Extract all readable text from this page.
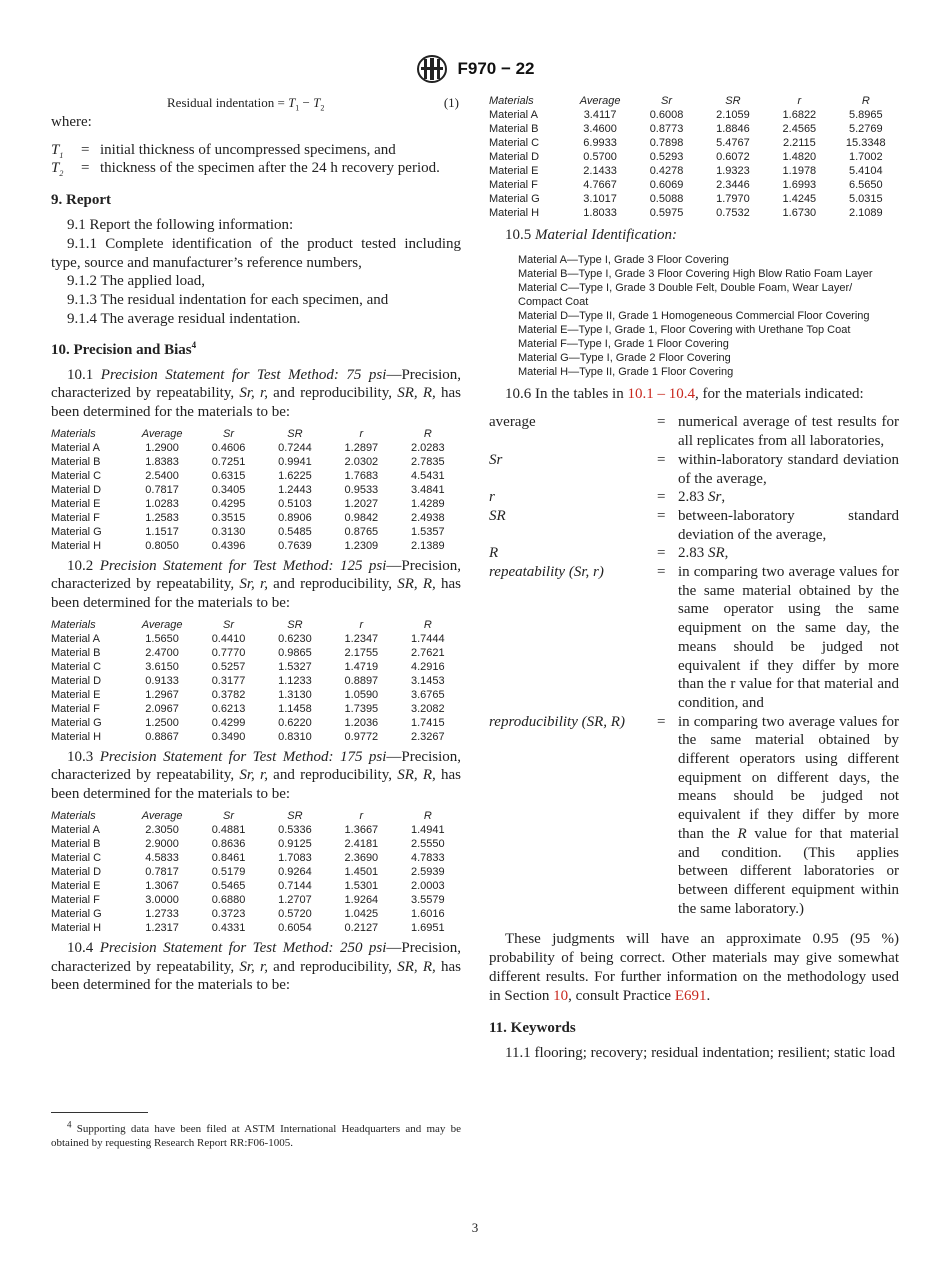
F970 − 22
Residual indentation = $T_1 - T_2$	(1)

where:

$T_1$	=	initial thickness of uncompressed specimens, and
$T_2$	=	thickness of the specimen after the 24 h recovery period.
9. Report

9.1 Report the following information:

9.1.1 Complete identification of the product tested including type, source and manufacturer’s reference numbers,

9.1.2 The applied load,

9.1.3 The residual indentation for each specimen, and

9.1.4 The average residual indentation.

10. Precision and Bias$^4$

10.1 Precision Statement for Test Method: 75 psi—Precision, characterized by repeatability, Sr, r, and reproducibility, SR, R, has been determined for the materials to be:

Materials	Average	Sr	SR	r	R
Material A	1.2900	0.4606	0.7244	1.2897	2.0283
Material B	1.8383	0.7251	0.9941	2.0302	2.7835
Material C	2.5400	0.6315	1.6225	1.7683	4.5431
Material D	0.7817	0.3405	1.2443	0.9533	3.4841
Material E	1.0283	0.4295	0.5103	1.2027	1.4289
Material F	1.2583	0.3515	0.8906	0.9842	2.4938
Material G	1.1517	0.3130	0.5485	0.8765	1.5357
Material H	0.8050	0.4396	0.7639	1.2309	2.1389

10.2 Precision Statement for Test Method: 125 psi—Precision, characterized by repeatability, Sr, r, and reproducibility, SR, R, has been determined for the materials to be:

Materials	Average	Sr	SR	r	R
Material A	1.5650	0.4410	0.6230	1.2347	1.7444
Material B	2.4700	0.7770	0.9865	2.1755	2.7621
Material C	3.6150	0.5257	1.5327	1.4719	4.2916
Material D	0.9133	0.3177	1.1233	0.8897	3.1453
Material E	1.2967	0.3782	1.3130	1.0590	3.6765
Material F	2.0967	0.6213	1.1458	1.7395	3.2082
Material G	1.2500	0.4299	0.6220	1.2036	1.7415
Material H	0.8867	0.3490	0.8310	0.9772	2.3267

10.3 Precision Statement for Test Method: 175 psi—Precision, characterized by repeatability, Sr, r, and reproducibility, SR, R, has been determined for the materials to be:

Materials	Average	Sr	SR	r	R
Material A	2.3050	0.4881	0.5336	1.3667	1.4941
Material B	2.9000	0.8636	0.9125	2.4181	2.5550
Material C	4.5833	0.8461	1.7083	2.3690	4.7833
Material D	0.7817	0.5179	0.9264	1.4501	2.5939
Material E	1.3067	0.5465	0.7144	1.5301	2.0003
Material F	3.0000	0.6880	1.2707	1.9264	3.5579
Material G	1.2733	0.3723	0.5720	1.0425	1.6016
Material H	1.2317	0.4331	0.6054	0.2127	1.6951

10.4 Precision Statement for Test Method: 250 psi—Precision, characterized by repeatability, Sr, r, and reproducibility, SR, R, has been determined for the materials to be:

$^4$ Supporting data have been filed at ASTM International Headquarters and may be obtained by requesting Research Report RR:F06-1005.

Materials	Average	Sr	SR	r	R
Material A	3.4117	0.6008	2.1059	1.6822	5.8965
Material B	3.4600	0.8773	1.8846	2.4565	5.2769
Material C	6.9933	0.7898	5.4767	2.2115	15.3348
Material D	0.5700	0.5293	0.6072	1.4820	1.7002
Material E	2.1433	0.4278	1.9323	1.1978	5.4104
Material F	4.7667	0.6069	2.3446	1.6993	6.5650
Material G	3.1017	0.5088	1.7970	1.4245	5.0315
Material H	1.8033	0.5975	0.7532	1.6730	2.1089

10.5 Material Identification:

Material A—Type I, Grade 3 Floor Covering
Material B—Type I, Grade 3 Floor Covering High Blow Ratio Foam Layer
Material C—Type I, Grade 3 Double Felt, Double Foam, Wear Layer/ Compact Coat
Material D—Type II, Grade 1 Homogeneous Commercial Floor Covering
Material E—Type I, Grade 1, Floor Covering with Urethane Top Coat
Material F—Type I, Grade 1 Floor Covering
Material G—Type I, Grade 2 Floor Covering
Material H—Type II, Grade 1 Floor Covering

10.6 In the tables in 10.1 – 10.4, for the materials indicated:

average	=	numerical average of test results for all replicates from all laboratories,
Sr	=	within-laboratory standard deviation of the average,
r	=	2.83 Sr,
SR	=	between-laboratory standard deviation of the average,
R	=	2.83 SR,
repeatability (Sr, r)	=	in comparing two average values for the same material obtained by the same operator using the same equipment on the same day, the means should be judged not equivalent if they differ by more than the r value for that material and condition, and
reproducibility (SR, R)	=	in comparing two average values for the same material obtained by different operators using different equipment on different days, the means should be judged not equivalent if they differ by more than the R value for that material and condition. (This applies between different laboratories or between different equipment within the same laboratory.)

These judgments will have an approximate 0.95 (95 %) probability of being correct. Other materials may give somewhat different results. For further information on the methodology used in Section 10, consult Practice E691.

11. Keywords

11.1 flooring; recovery; residual indentation; resilient; static load

3
